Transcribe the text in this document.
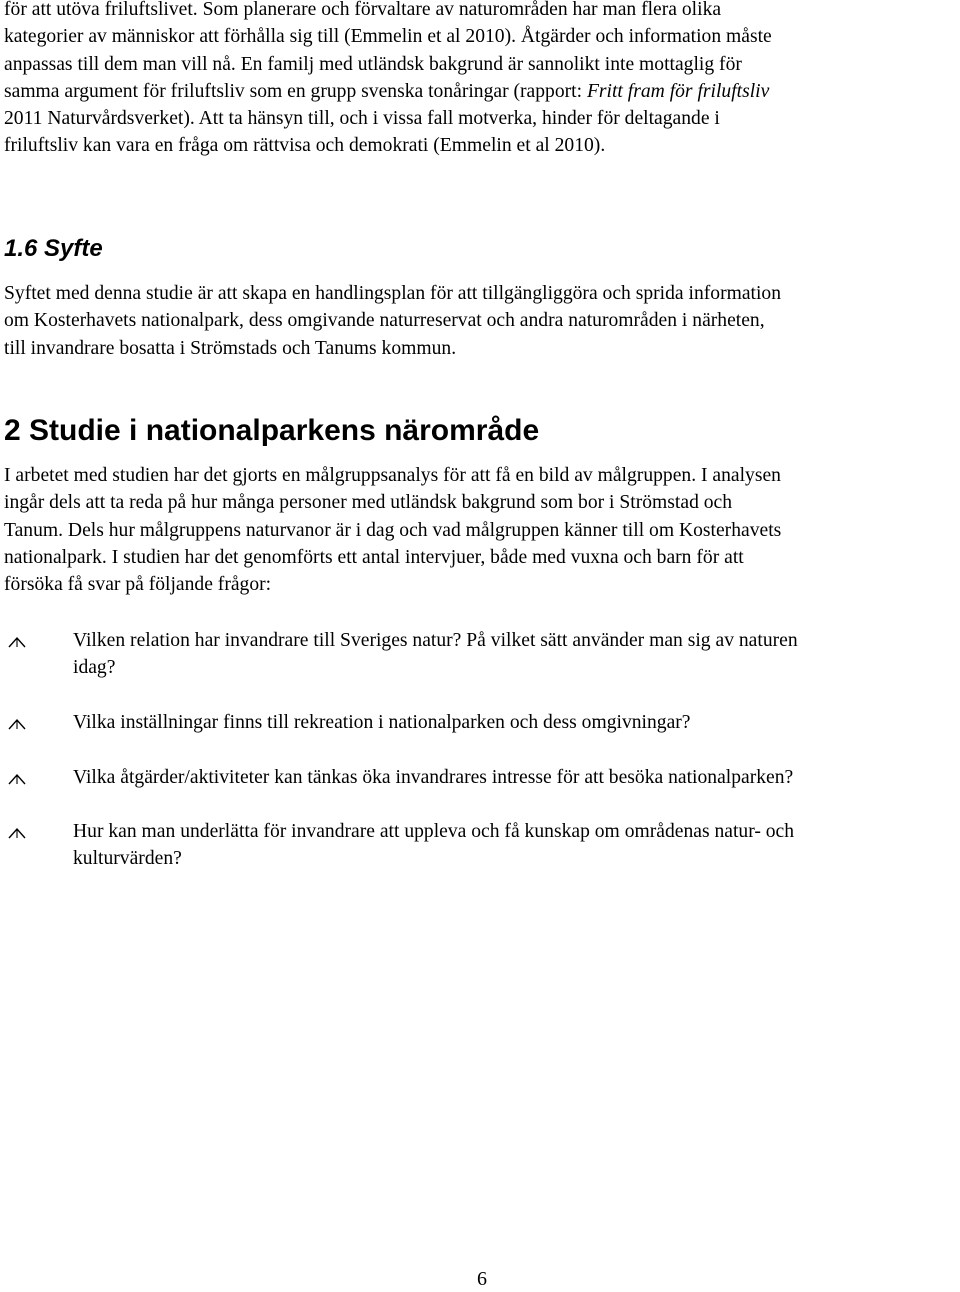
för att utöva friluftslivet. Som planerare och förvaltare av naturområden har man flera olika
kategorier av människor att förhålla sig till (Emmelin et al 2010). Åtgärder och information måste
anpassas till dem man vill nå. En familj med utländsk bakgrund är sannolikt inte mottaglig för
samma argument för friluftsliv som en grupp svenska tonåringar (rapport: Fritt fram för friluftsliv
2011 Naturvårdsverket). Att ta hänsyn till, och i vissa fall motverka, hinder för deltagande i
friluftsliv kan vara en fråga om rättvisa och demokrati (Emmelin et al 2010).

1.6 Syfte

Syftet med denna studie är att skapa en handlingsplan för att tillgängliggöra och sprida information
om Kosterhavets nationalpark, dess omgivande naturreservat och andra naturområden i närheten,
till invandrare bosatta i Strömstads och Tanums kommun.

2 Studie i nationalparkens närområde

I arbetet med studien har det gjorts en målgruppsanalys för att få en bild av målgruppen. I analysen
ingår dels att ta reda på hur många personer med utländsk bakgrund som bor i Strömstad och
Tanum. Dels hur målgruppens naturvanor är i dag och vad målgruppen känner till om Kosterhavets
nationalpark. I studien har det genomförts ett antal intervjuer, både med vuxna och barn för att
försöka få svar på följande frågor:

Vilken relation har invandrare till Sveriges natur? På vilket sätt använder man sig av naturen
idag?
Vilka inställningar finns till rekreation i nationalparken och dess omgivningar?
Vilka åtgärder/aktiviteter kan tänkas öka invandrares intresse för att besöka nationalparken?
Hur kan man underlätta för invandrare att uppleva och få kunskap om områdenas natur- och
kulturvärden?

6
